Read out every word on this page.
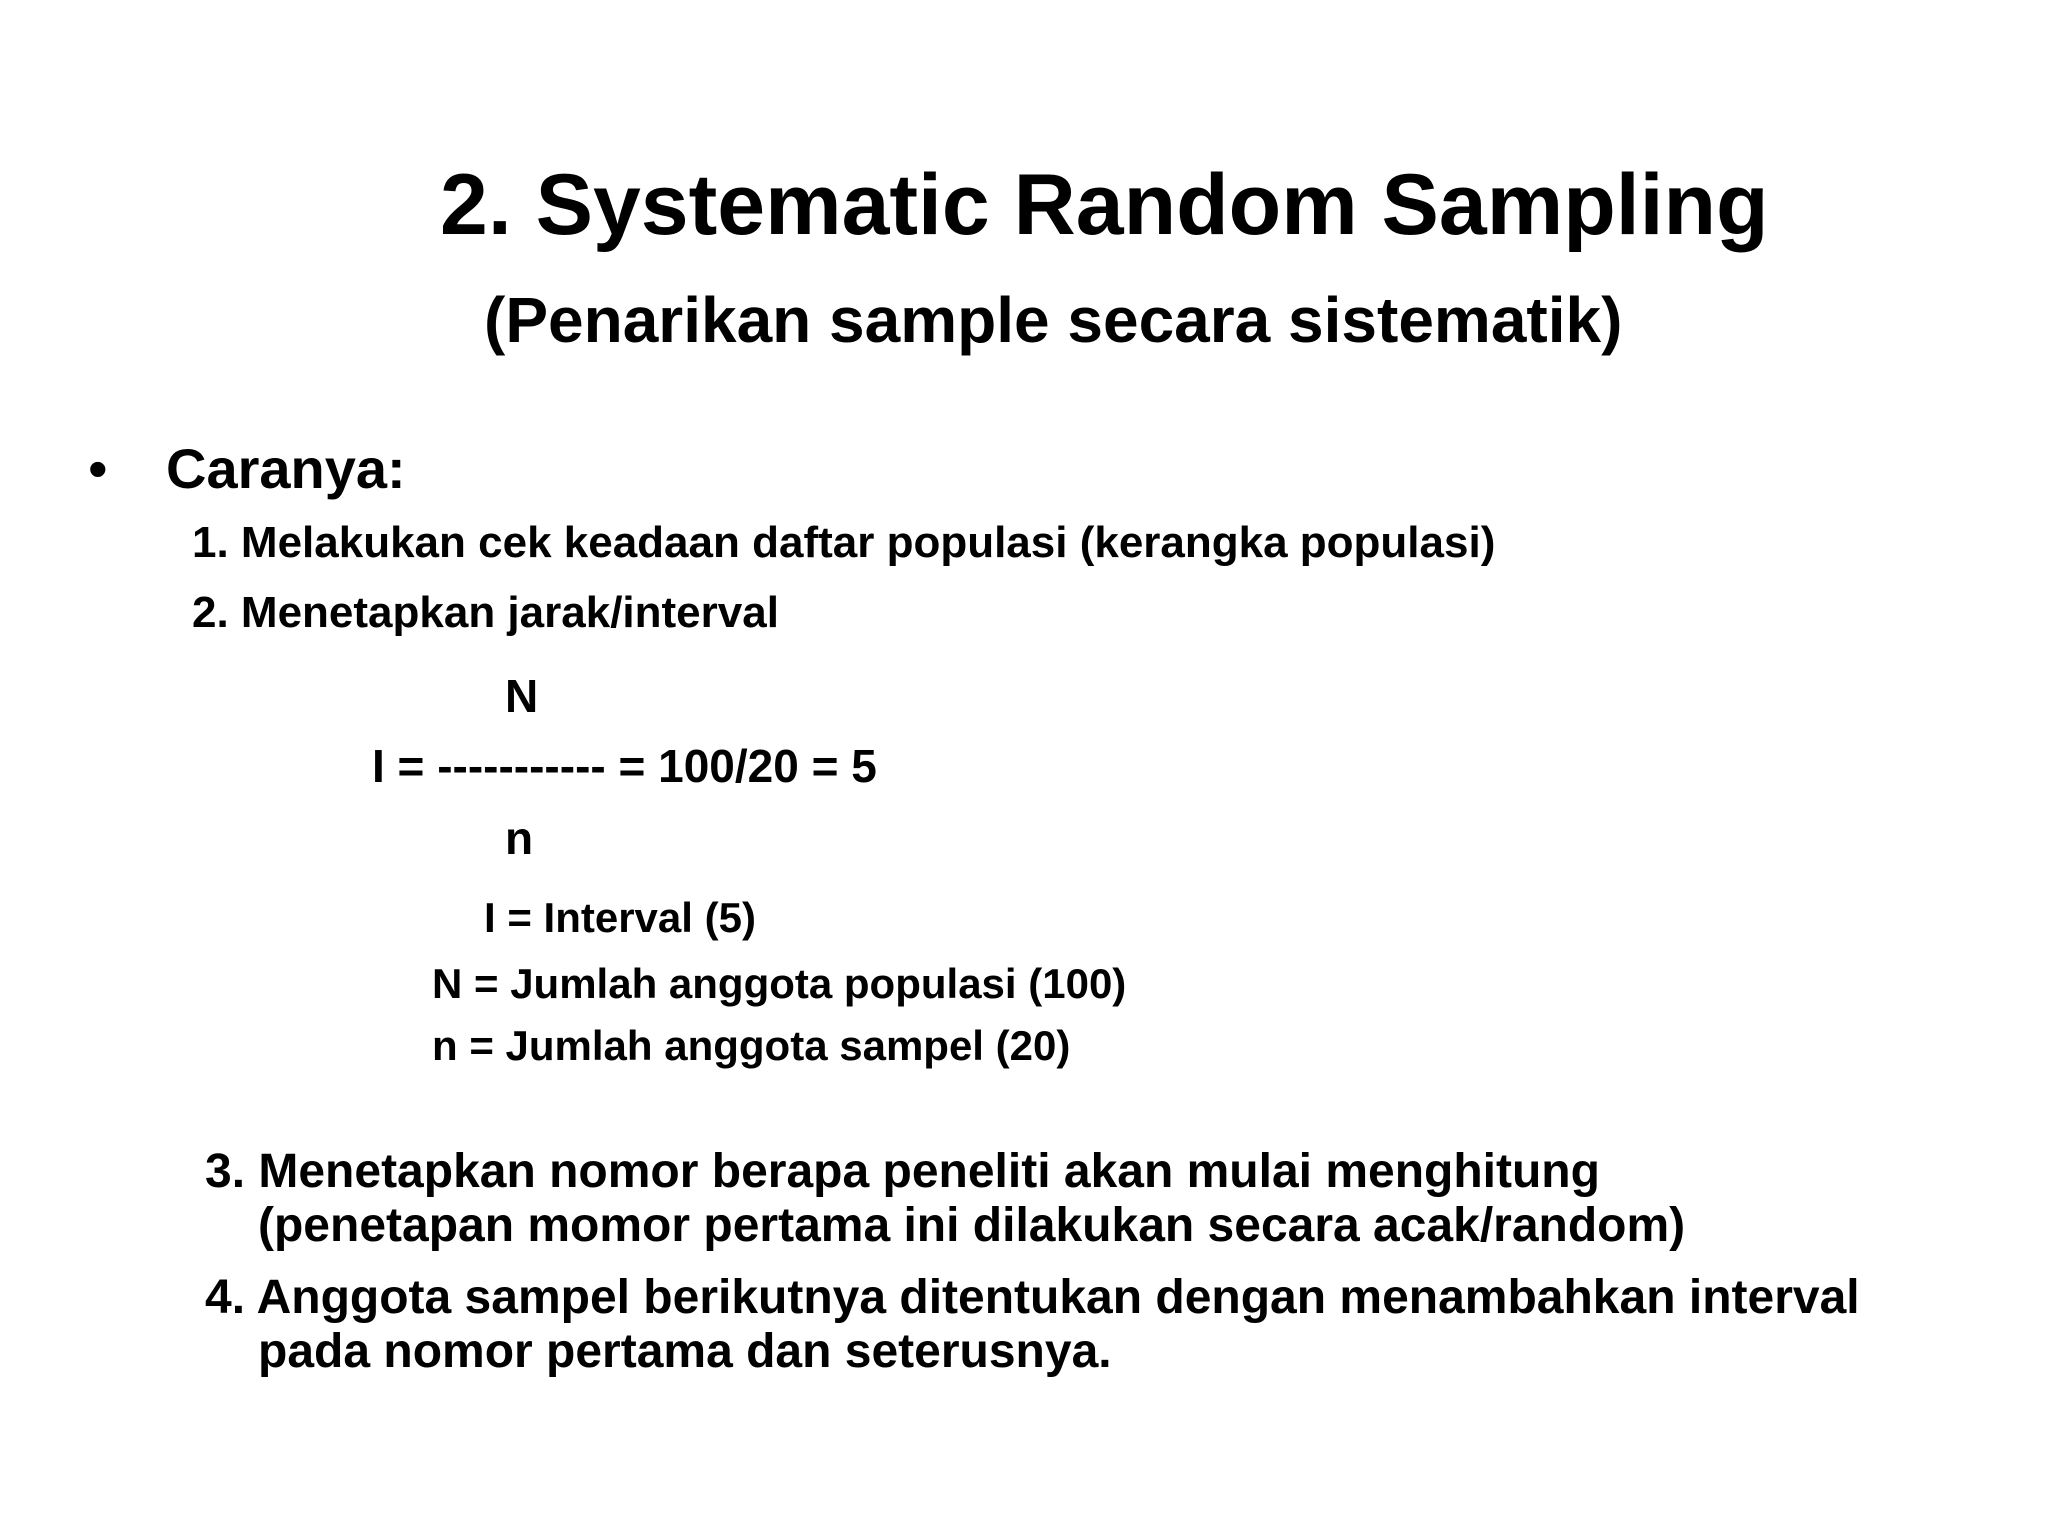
2. Systematic Random Sampling
(Penarikan sample secara sistematik)
• Caranya:
1. Melakukan cek keadaan daftar populasi (kerangka populasi)
2. Menetapkan jarak/interval
N
I = ----------- = 100/20 = 5
n
I = Interval (5)
N = Jumlah anggota populasi (100)
n = Jumlah anggota sampel (20)
3. Menetapkan nomor berapa peneliti akan mulai menghitung
(penetapan momor pertama ini dilakukan secara acak/random)
4. Anggota sampel berikutnya ditentukan dengan menambahkan interval
pada nomor pertama dan seterusnya.
